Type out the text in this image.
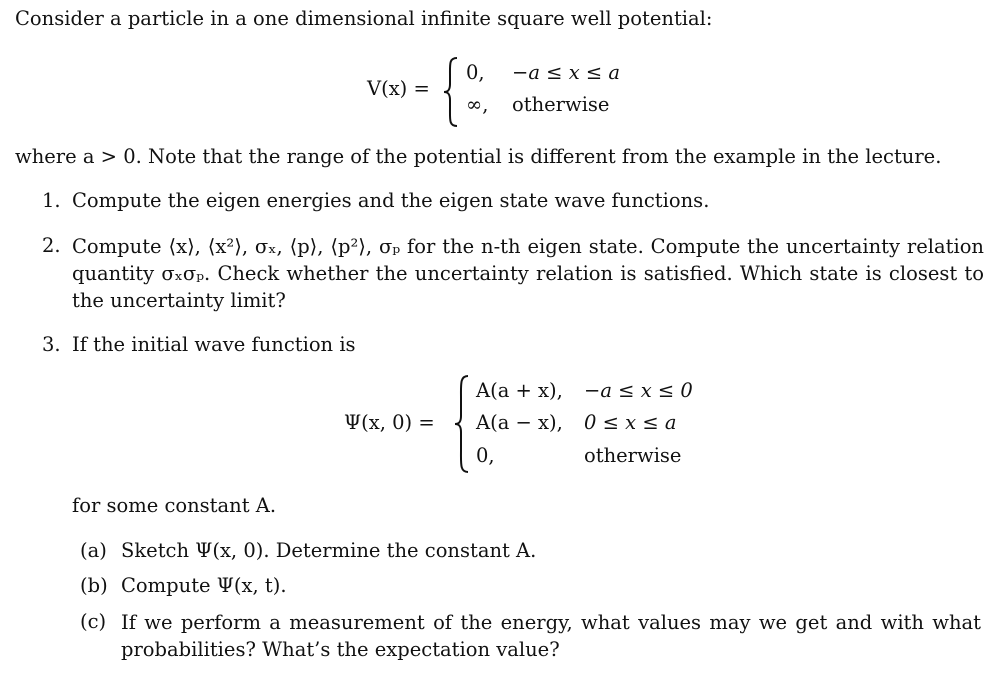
Consider a particle in a one dimensional infinite square well potential:
V(x) =
0, −a ≤ x ≤ a
∞, otherwise
where a > 0. Note that the range of the potential is different from the example in the lecture.
1. Compute the eigen energies and the eigen state wave functions.
2. Compute ⟨x⟩, ⟨x²⟩, σₓ, ⟨p⟩, ⟨p²⟩, σₚ for the n-th eigen state. Compute the uncertainty relation quantity σₓσₚ. Check whether the uncertainty relation is satisfied. Which state is closest to the uncertainty limit?
3. If the initial wave function is
Ψ(x, 0) =
A(a + x), −a ≤ x ≤ 0
A(a − x), 0 ≤ x ≤ a
0,	otherwise
for some constant A.
(a) Sketch Ψ(x, 0). Determine the constant A.
(b) Compute Ψ(x, t).
(c) If we perform a measurement of the energy, what values may we get and with what probabilities? What’s the expectation value?
